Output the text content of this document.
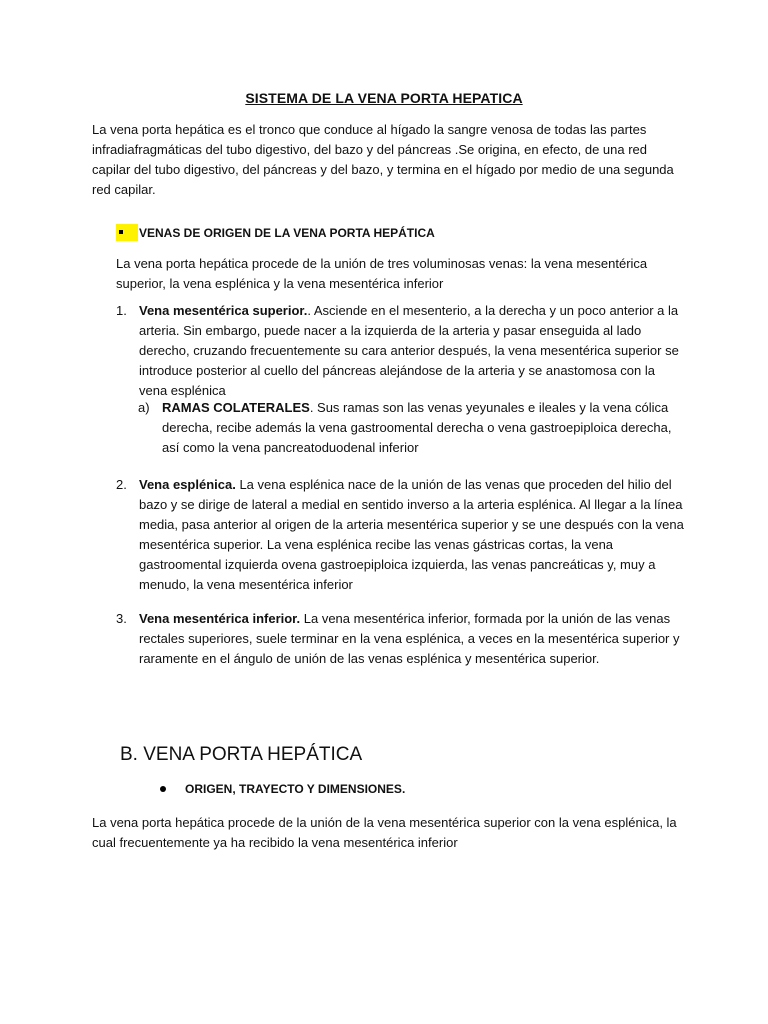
SISTEMA DE LA VENA PORTA HEPATICA

La vena porta hepática es el tronco que conduce al hígado la sangre venosa de todas las partes infradiafragmáticas del tubo digestivo, del bazo y del páncreas .Se origina, en efecto, de una red capilar del tubo digestivo, del páncreas y del bazo, y termina en el hígado por medio de una segunda red capilar.

VENAS DE ORIGEN DE LA VENA PORTA HEPÁTICA

La vena porta hepática procede de la unión de tres voluminosas venas: la vena mesentérica superior, la vena esplénica y la vena mesentérica inferior

1. Vena mesentérica superior.. Asciende en el mesenterio, a la derecha y un poco anterior a la arteria. Sin embargo, puede nacer a la izquierda de la arteria y pasar enseguida al lado derecho, cruzando frecuentemente su cara anterior después, la vena mesentérica superior se introduce posterior al cuello del páncreas alejándose de la arteria y se anastomosa con la vena esplénica
a) RAMAS COLATERALES. Sus ramas son las venas yeyunales e ileales y la vena cólica derecha, recibe además la vena gastroomental derecha o vena gastroepiploica derecha, así como la vena pancreatoduodenal inferior
2. Vena esplénica. La vena esplénica nace de la unión de las venas que proceden del hilio del bazo y se dirige de lateral a medial en sentido inverso a la arteria esplénica. Al llegar a la línea media, pasa anterior al origen de la arteria mesentérica superior y se une después con la vena mesentérica superior. La vena esplénica recibe las venas gástricas cortas, la vena gastroomental izquierda ovena gastroepiploica izquierda, las venas pancreáticas y, muy a menudo, la vena mesentérica inferior
3. Vena mesentérica inferior. La vena mesentérica inferior, formada por la unión de las venas rectales superiores, suele terminar en la vena esplénica, a veces en la mesentérica superior y raramente en el ángulo de unión de las venas esplénica y mesentérica superior.
B. VENA PORTA HEPÁTICA
ORIGEN, TRAYECTO Y DIMENSIONES.

La vena porta hepática procede de la unión de la vena mesentérica superior con la vena esplénica, la cual frecuentemente ya ha recibido la vena mesentérica inferior
